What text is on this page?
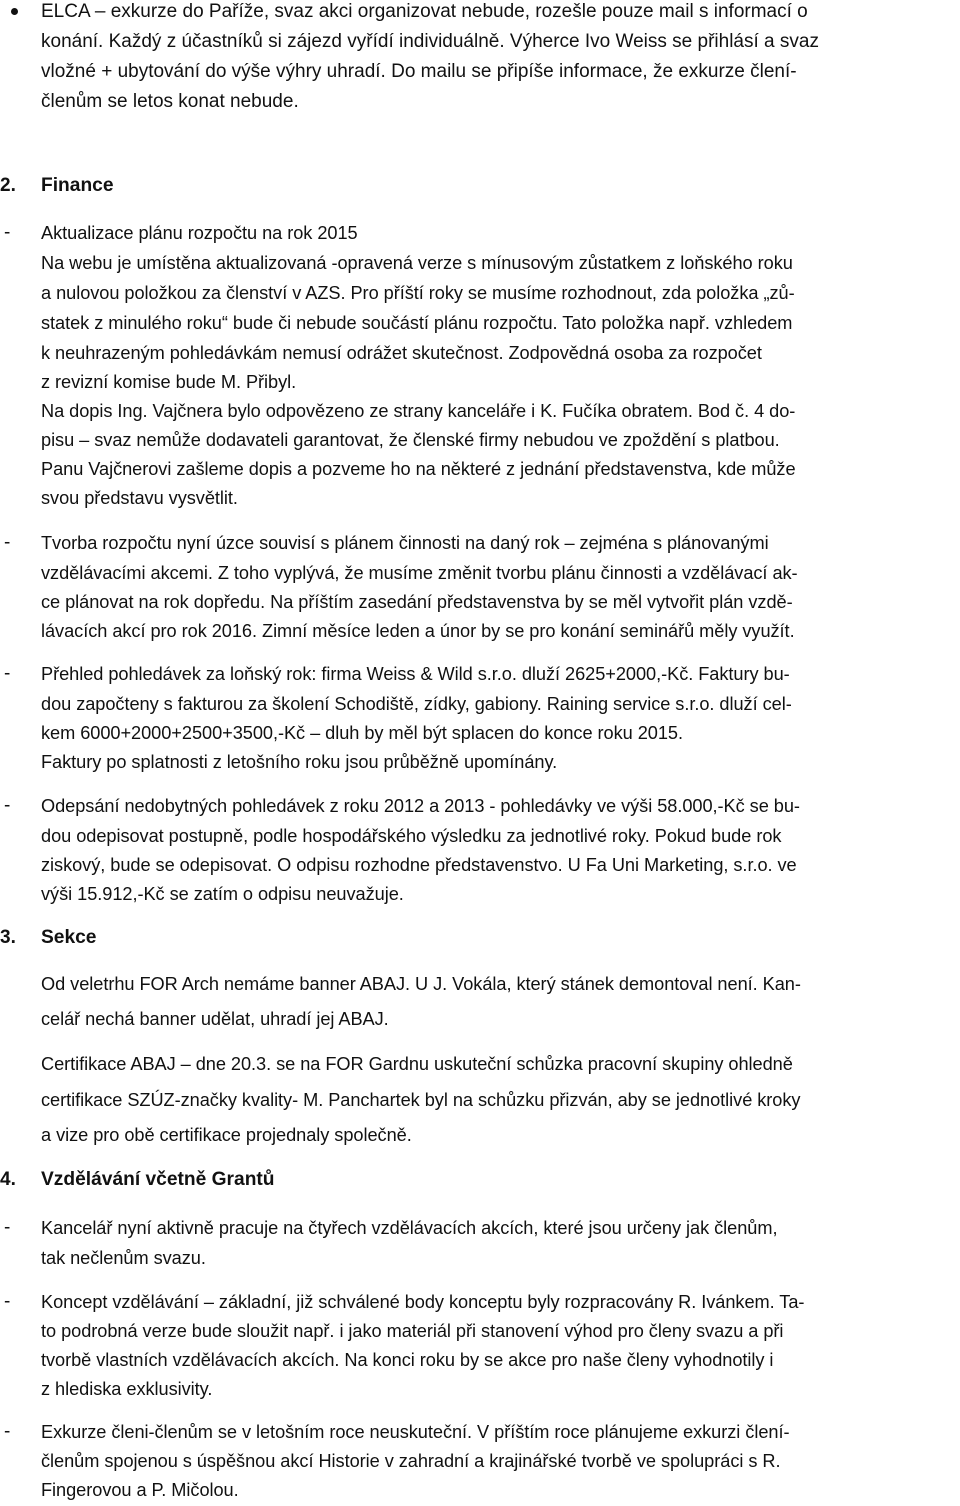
ELCA – exkurze do Paříže, svaz akci organizovat nebude, rozešle pouze mail s informací o
konání. Každý z účastníků si zájezd vyřídí individuálně. Výherce Ivo Weiss se přihlásí a svaz
vložné + ubytování do výše výhry uhradí. Do mailu se připíše informace, že exkurze člení-
členům se letos konat nebude.
2. Finance
- Aktualizace plánu rozpočtu na rok 2015
Na webu je umístěna aktualizovaná -opravená verze s mínusovým zůstatkem z loňského roku
a nulovou položkou za členství v AZS. Pro příští roky se musíme rozhodnout, zda položka „zů-
statek z minulého roku“ bude či nebude součástí plánu rozpočtu. Tato položka např. vzhledem
k neuhrazeným pohledávkám nemusí odrážet skutečnost. Zodpovědná osoba za rozpočet
z revizní komise bude M. Přibyl.
Na dopis Ing. Vajčnera bylo odpovězeno ze strany kanceláře i K. Fučíka obratem. Bod č. 4 do-
pisu – svaz nemůže dodavateli garantovat, že členské firmy nebudou ve zpoždění s platbou.
Panu Vajčnerovi zašleme dopis a pozveme ho na některé z jednání představenstva, kde může
svou představu vysvětlit.
- Tvorba rozpočtu nyní úzce souvisí s plánem činnosti na daný rok – zejména s plánovanými
vzdělávacími akcemi. Z toho vyplývá, že musíme změnit tvorbu plánu činnosti a vzdělávací ak-
ce plánovat na rok dopředu. Na příštím zasedání představenstva by se měl vytvořit plán vzdě-
lávacích akcí pro rok 2016. Zimní měsíce leden a únor by se pro konání seminářů měly využít.
- Přehled pohledávek za loňský rok: firma Weiss & Wild s.r.o. dluží 2625+2000,-Kč. Faktury bu-
dou započteny s fakturou za školení Schodiště, zídky, gabiony. Raining service s.r.o. dluží cel-
kem 6000+2000+2500+3500,-Kč – dluh by měl být splacen do konce roku 2015.
Faktury po splatnosti z letošního roku jsou průběžně upomínány.
- Odepsání nedobytných pohledávek z roku 2012 a 2013 - pohledávky ve výši 58.000,-Kč se bu-
dou odepisovat postupně, podle hospodářského výsledku za jednotlivé roky. Pokud bude rok
ziskový, bude se odepisovat. O odpisu rozhodne představenstvo. U Fa Uni Marketing, s.r.o. ve
výši 15.912,-Kč se zatím o odpisu neuvažuje.
3. Sekce
Od veletrhu FOR Arch nemáme banner ABAJ. U J. Vokála, který stánek demontoval není. Kan-
celář nechá banner udělat, uhradí jej ABAJ.
Certifikace ABAJ – dne 20.3. se na FOR Gardnu uskuteční schůzka pracovní skupiny ohledně
certifikace SZÚZ-značky kvality- M. Panchartek byl na schůzku přizván, aby se jednotlivé kroky
a vize pro obě certifikace projednaly společně.
4. Vzdělávání včetně Grantů
- Kancelář nyní aktivně pracuje na čtyřech vzdělávacích akcích, které jsou určeny jak členům,
tak nečlenům svazu.
- Koncept vzdělávání – základní, již schválené body konceptu byly rozpracovány R. Ivánkem. Ta-
to podrobná verze bude sloužit např. i jako materiál při stanovení výhod pro členy svazu a při
tvorbě vlastních vzdělávacích akcích. Na konci roku by se akce pro naše členy vyhodnotily i
z hlediska exklusivity.
- Exkurze členi-členům se v letošním roce neuskuteční. V příštím roce plánujeme exkurzi člení-
členům spojenou s úspěšnou akcí Historie v zahradní a krajinářské tvorbě ve spolupráci s R.
Fingerovou a P. Mičolou.
